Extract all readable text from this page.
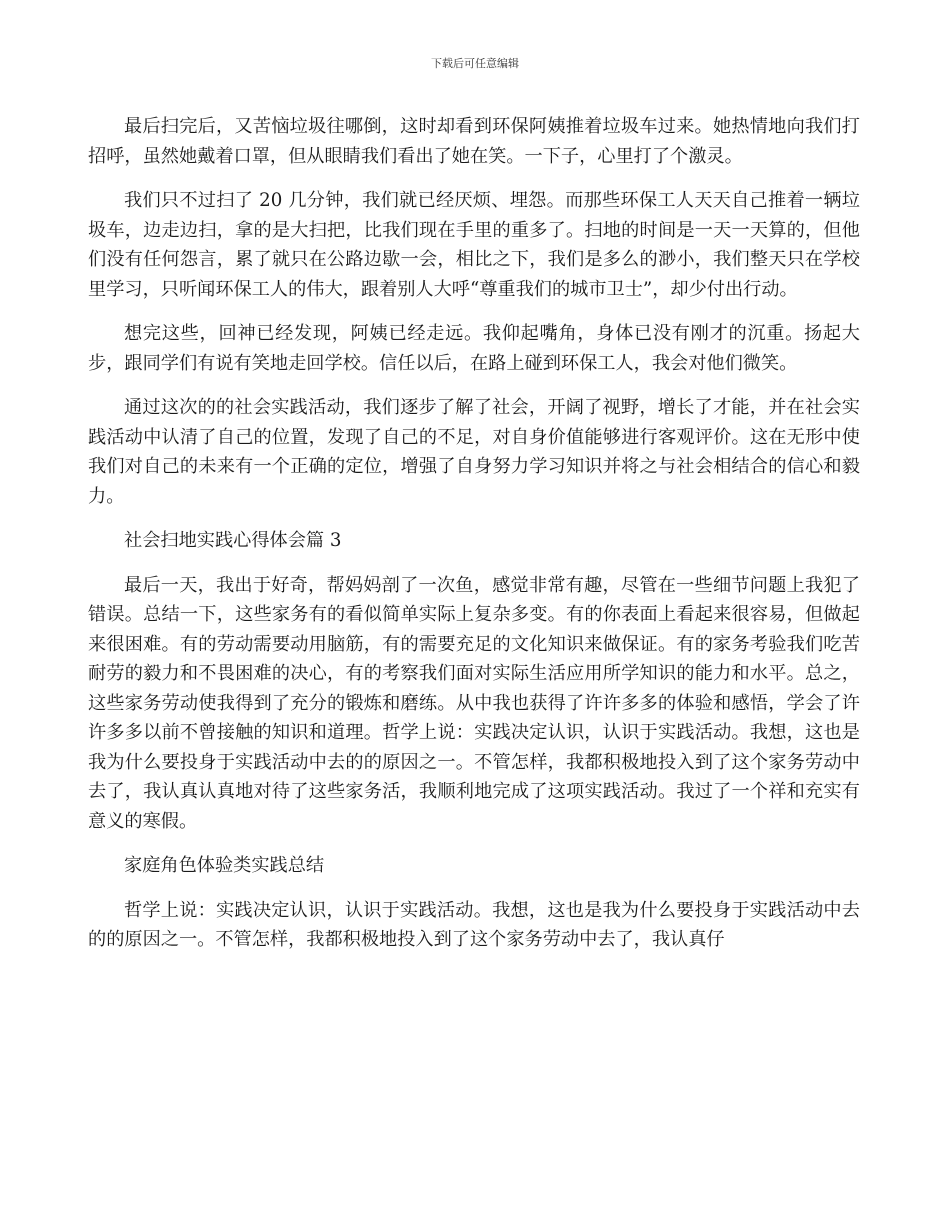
下载后可任意编辑

最后扫完后，又苦恼垃圾往哪倒，这时却看到环保阿姨推着垃圾车过来。她热情地向我们打招呼，虽然她戴着口罩，但从眼睛我们看出了她在笑。一下子，心里打了个激灵。

我们只不过扫了 20 几分钟，我们就已经厌烦、埋怨。而那些环保工人天天自己推着一辆垃圾车，边走边扫，拿的是大扫把，比我们现在手里的重多了。扫地的时间是一天一天算的，但他们没有任何怨言，累了就只在公路边歇一会，相比之下，我们是多么的渺小，我们整天只在学校里学习，只听闻环保工人的伟大，跟着别人大呼“尊重我们的城市卫士”，却少付出行动。

想完这些，回神已经发现，阿姨已经走远。我仰起嘴角，身体已没有刚才的沉重。扬起大步，跟同学们有说有笑地走回学校。信任以后，在路上碰到环保工人，我会对他们微笑。

通过这次的的社会实践活动，我们逐步了解了社会，开阔了视野，增长了才能，并在社会实践活动中认清了自己的位置，发现了自己的不足，对自身价值能够进行客观评价。这在无形中使我们对自己的未来有一个正确的定位，增强了自身努力学习知识并将之与社会相结合的信心和毅力。

社会扫地实践心得体会篇 3

最后一天，我出于好奇，帮妈妈剖了一次鱼，感觉非常有趣，尽管在一些细节问题上我犯了错误。总结一下，这些家务有的看似简单实际上复杂多变。有的你表面上看起来很容易，但做起来很困难。有的劳动需要动用脑筋，有的需要充足的文化知识来做保证。有的家务考验我们吃苦耐劳的毅力和不畏困难的决心，有的考察我们面对实际生活应用所学知识的能力和水平。总之，这些家务劳动使我得到了充分的锻炼和磨练。从中我也获得了许许多多的体验和感悟，学会了许许多多以前不曾接触的知识和道理。哲学上说：实践决定认识，认识于实践活动。我想，这也是我为什么要投身于实践活动中去的的原因之一。不管怎样，我都积极地投入到了这个家务劳动中去了，我认真认真地对待了这些家务活，我顺利地完成了这项实践活动。我过了一个祥和充实有意义的寒假。

家庭角色体验类实践总结

哲学上说：实践决定认识，认识于实践活动。我想，这也是我为什么要投身于实践活动中去的的原因之一。不管怎样，我都积极地投入到了这个家务劳动中去了，我认真仔
